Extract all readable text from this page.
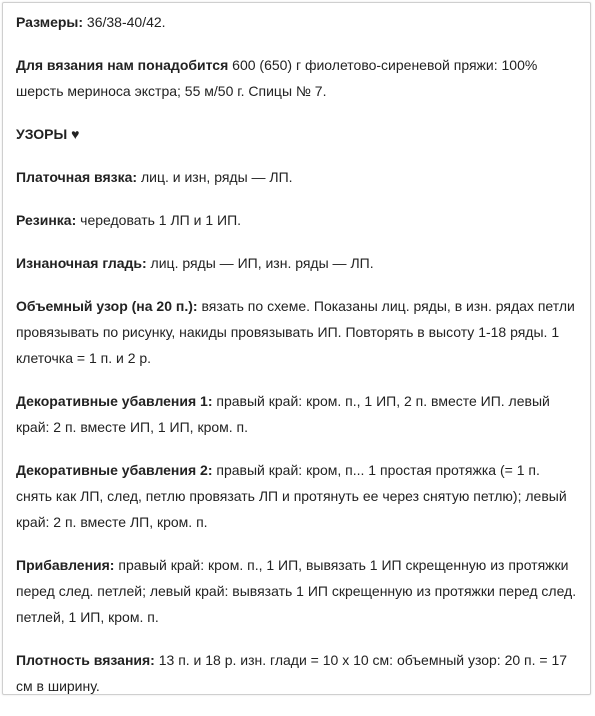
Размеры: 36/38-40/42.

Для вязания нам понадобится 600 (650) г фиолетово-сиреневой пряжи: 100% шерсть мериноса экстра; 55 м/50 г. Спицы № 7.

УЗОРЫ ♥

Платочная вязка: лиц. и изн, ряды — ЛП.

Резинка: чередовать 1 ЛП и 1 ИП.

Изнаночная гладь: лиц. ряды — ИП, изн. ряды — ЛП.

Объемный узор (на 20 п.): вязать по схеме. Показаны лиц. ряды, в изн. рядах петли провязывать по рисунку, накиды провязывать ИП. Повторять в высоту 1-18 ряды. 1 клеточка = 1 п. и 2 р.

Декоративные убавления 1: правый край: кром. п., 1 ИП, 2 п. вместе ИП. левый край: 2 п. вместе ИП, 1 ИП, кром. п.

Декоративные убавления 2: правый край: кром, п... 1 простая протяжка (= 1 п. снять как ЛП, след, петлю провязать ЛП и протянуть ее через снятую петлю); левый край: 2 п. вместе ЛП, кром. п.

Прибавления: правый край: кром. п., 1 ИП, вывязать 1 ИП скрещенную из протяжки перед след. петлей; левый край: вывязать 1 ИП скрещенную из протяжки перед след. петлей, 1 ИП, кром. п.

Плотность вязания: 13 п. и 18 р. изн. глади = 10 х 10 см: объемный узор: 20 п. = 17 см в ширину.
